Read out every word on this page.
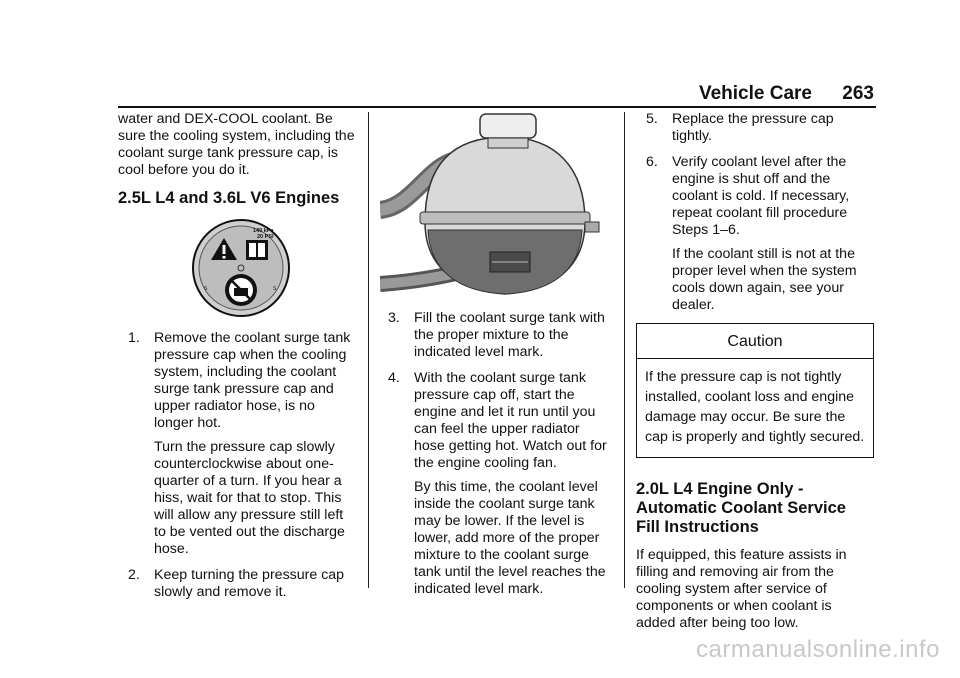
Vehicle Care 263

water and DEX-COOL coolant. Be sure the cooling system, including the coolant surge tank pressure cap, is cool before you do it.

2.5L L4 and 3.6L V6 Engines
S	S
140 kPa
20 PSI
1. Remove the coolant surge tank pressure cap when the cooling system, including the coolant surge tank pressure cap and upper radiator hose, is no longer hot.
Turn the pressure cap slowly counterclockwise about one-quarter of a turn. If you hear a hiss, wait for that to stop. This will allow any pressure still left to be vented out the discharge hose.
2. Keep turning the pressure cap slowly and remove it.
3. Fill the coolant surge tank with the proper mixture to the indicated level mark.
4. With the coolant surge tank pressure cap off, start the engine and let it run until you can feel the upper radiator hose getting hot. Watch out for the engine cooling fan.
By this time, the coolant level inside the coolant surge tank may be lower. If the level is lower, add more of the proper mixture to the coolant surge tank until the level reaches the indicated level mark.
5. Replace the pressure cap tightly.
6. Verify coolant level after the engine is shut off and the coolant is cold. If necessary, repeat coolant fill procedure Steps 1–6.
If the coolant still is not at the proper level when the system cools down again, see your dealer.
Caution
If the pressure cap is not tightly installed, coolant loss and engine damage may occur. Be sure the cap is properly and tightly secured.
2.0L L4 Engine Only - Automatic Coolant Service Fill Instructions

If equipped, this feature assists in filling and removing air from the cooling system after service of components or when coolant is added after being too low.

carmanualsonline.info
